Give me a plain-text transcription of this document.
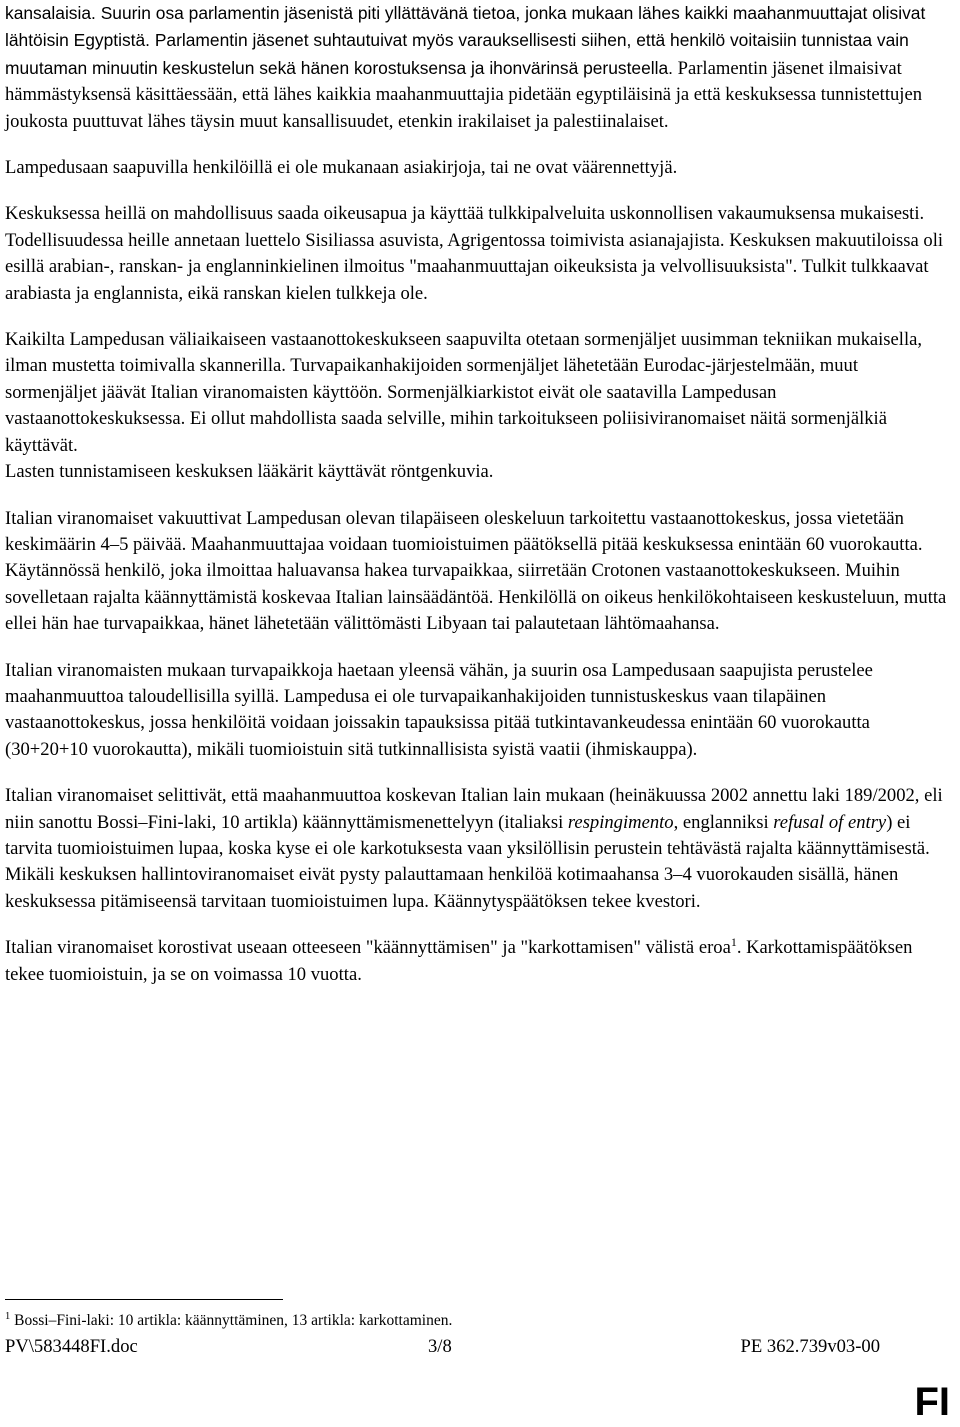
kansalaisia. Suurin osa parlamentin jäsenistä piti yllättävänä tietoa, jonka mukaan lähes kaikki maahanmuuttajat olisivat lähtöisin Egyptistä. Parlamentin jäsenet suhtautuivat myös varauksellisesti siihen, että henkilö voitaisiin tunnistaa vain muutaman minuutin keskustelun sekä hänen korostuksensa ja ihonvärinsä perusteella. Parlamentin jäsenet ilmaisivat hämmästyksensä käsittäessään, että lähes kaikkia maahanmuuttajia pidetään egyptiläisinä ja että keskuksessa tunnistettujen joukosta puuttuvat lähes täysin muut kansallisuudet, etenkin irakilaiset ja palestiinalaiset.

Lampedusaan saapuvilla henkilöillä ei ole mukanaan asiakirjoja, tai ne ovat väärennettyjä.

Keskuksessa heillä on mahdollisuus saada oikeusapua ja käyttää tulkkipalveluita uskonnollisen vakaumuksensa mukaisesti. Todellisuudessa heille annetaan luettelo Sisiliassa asuvista, Agrigentossa toimivista asianajajista. Keskuksen makuutiloissa oli esillä arabian-, ranskan- ja englanninkielinen ilmoitus "maahanmuuttajan oikeuksista ja velvollisuuksista". Tulkit tulkkaavat arabiasta ja englannista, eikä ranskan kielen tulkkeja ole.

Kaikilta Lampedusan väliaikaiseen vastaanottokeskukseen saapuvilta otetaan sormenjäljet uusimman tekniikan mukaisella, ilman mustetta toimivalla skannerilla. Turvapaikanhakijoiden sormenjäljet lähetetään Eurodac-järjestelmään, muut sormenjäljet jäävät Italian viranomaisten käyttöön. Sormenjälkiarkistot eivät ole saatavilla Lampedusan vastaanottokeskuksessa. Ei ollut mahdollista saada selville, mihin tarkoitukseen poliisiviranomaiset näitä sormenjälkiä käyttävät.

Lasten tunnistamiseen keskuksen lääkärit käyttävät röntgenkuvia.

Italian viranomaiset vakuuttivat Lampedusan olevan tilapäiseen oleskeluun tarkoitettu vastaanottokeskus, jossa vietetään keskimäärin 4–5 päivää. Maahanmuuttajaa voidaan tuomioistuimen päätöksellä pitää keskuksessa enintään 60 vuorokautta.

Käytännössä henkilö, joka ilmoittaa haluavansa hakea turvapaikkaa, siirretään Crotonen vastaanottokeskukseen. Muihin sovelletaan rajalta käännyttämistä koskevaa Italian lainsäädäntöä. Henkilöllä on oikeus henkilökohtaiseen keskusteluun, mutta ellei hän hae turvapaikkaa, hänet lähetetään välittömästi Libyaan tai palautetaan lähtömaahansa.

Italian viranomaisten mukaan turvapaikkoja haetaan yleensä vähän, ja suurin osa Lampedusaan saapujista perustelee maahanmuuttoa taloudellisilla syillä. Lampedusa ei ole turvapaikanhakijoiden tunnistuskeskus vaan tilapäinen vastaanottokeskus, jossa henkilöitä voidaan joissakin tapauksissa pitää tutkintavankeudessa enintään 60 vuorokautta (30+20+10 vuorokautta), mikäli tuomioistuin sitä tutkinnallisista syistä vaatii (ihmiskauppa).

Italian viranomaiset selittivät, että maahanmuuttoa koskevan Italian lain mukaan (heinäkuussa 2002 annettu laki 189/2002, eli niin sanottu Bossi–Fini-laki, 10 artikla) käännyttämismenettelyyn (italiaksi respingimento, englanniksi refusal of entry) ei tarvita tuomioistuimen lupaa, koska kyse ei ole karkotuksesta vaan yksilöllisin perustein tehtävästä rajalta käännyttämisestä. Mikäli keskuksen hallintoviranomaiset eivät pysty palauttamaan henkilöä kotimaahansa 3–4 vuorokauden sisällä, hänen keskuksessa pitämiseensä tarvitaan tuomioistuimen lupa. Käännytyspäätöksen tekee kvestori.

Italian viranomaiset korostivat useaan otteeseen "käännyttämisen" ja "karkottamisen" välistä eroa$^1$. Karkottamispäätöksen tekee tuomioistuin, ja se on voimassa 10 vuotta.

$^1$ Bossi–Fini-laki: 10 artikla: käännyttäminen, 13 artikla: karkottaminen.
PV\583448FI.doc	3/8	PE 362.739v03-00
FI
